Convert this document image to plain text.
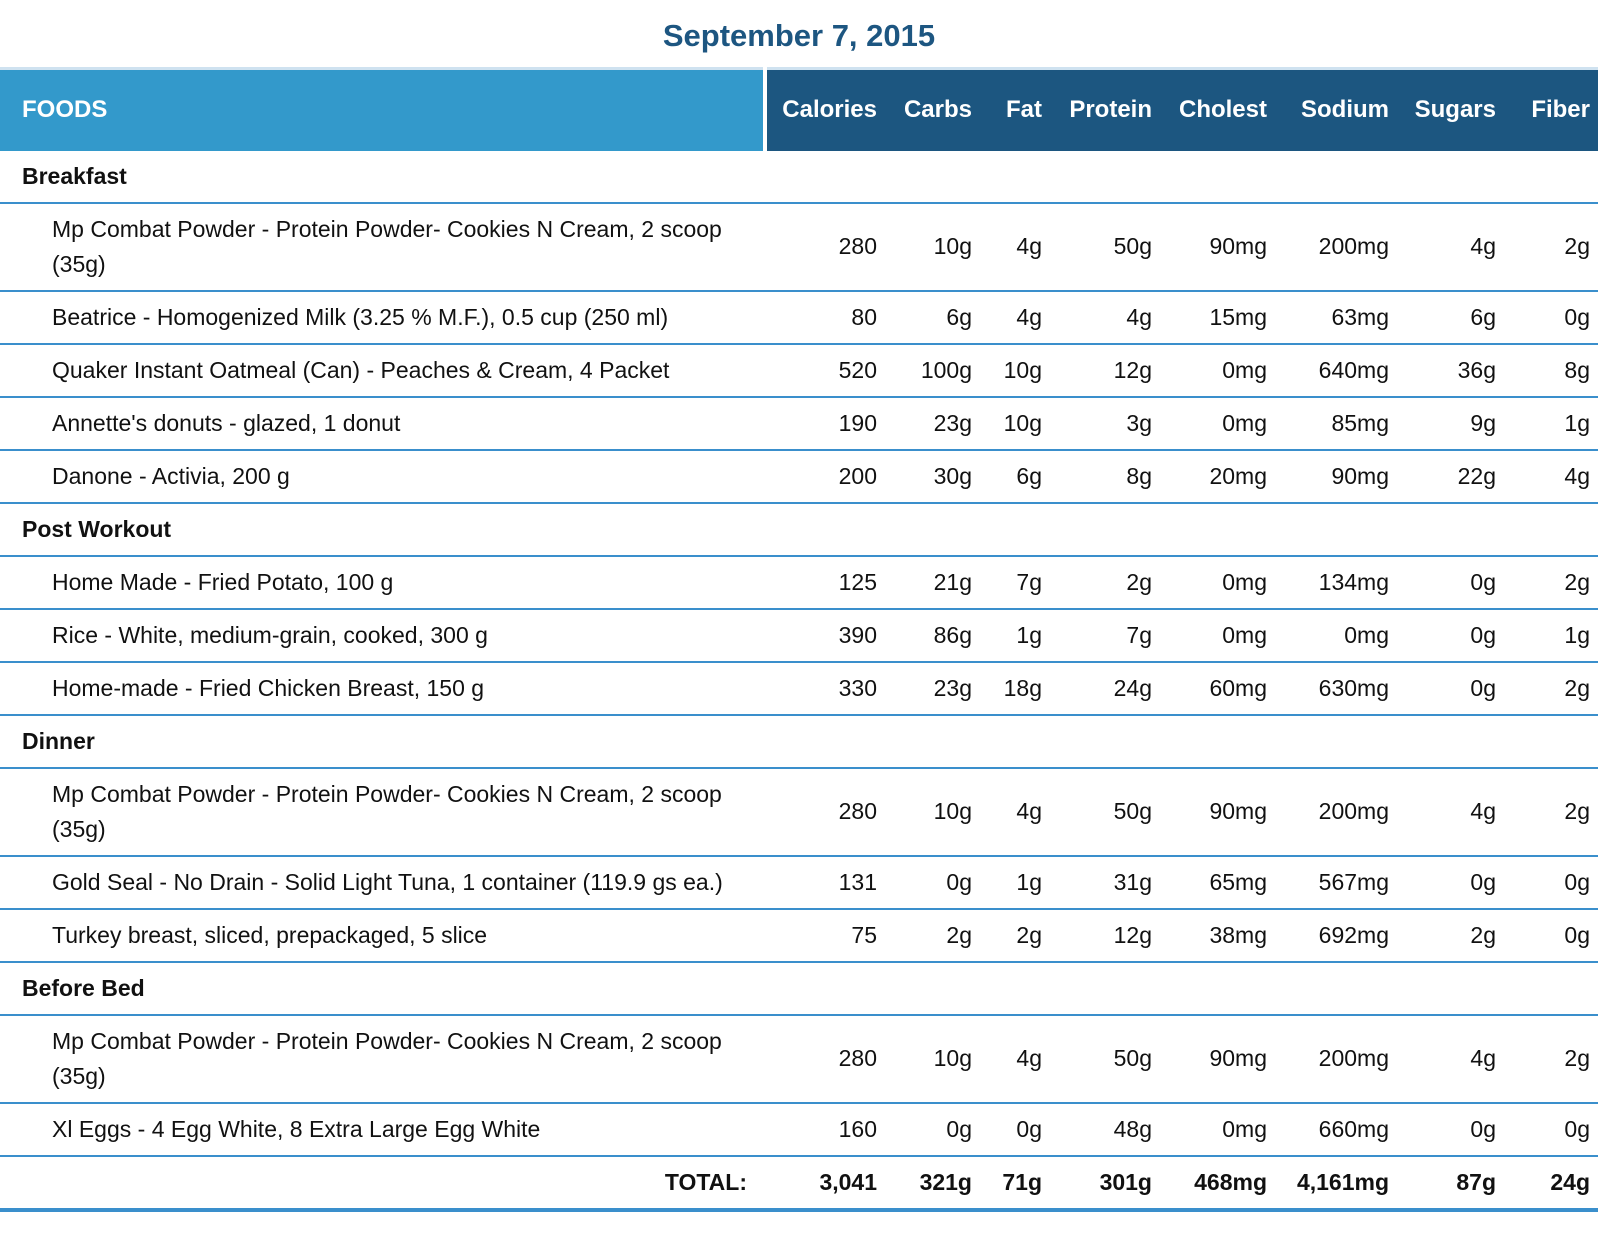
September 7, 2015
FOODS	Calories	Carbs	Fat	Protein	Cholest	Sodium	Sugars	Fiber
Breakfast								
Mp Combat Powder - Protein Powder- Cookies N Cream, 2 scoop (35g)	280	10g	4g	50g	90mg	200mg	4g	2g
Beatrice - Homogenized Milk (3.25 % M.F.), 0.5 cup (250 ml)	80	6g	4g	4g	15mg	63mg	6g	0g
Quaker Instant Oatmeal (Can) - Peaches & Cream, 4 Packet	520	100g	10g	12g	0mg	640mg	36g	8g
Annette's donuts - glazed, 1 donut	190	23g	10g	3g	0mg	85mg	9g	1g
Danone - Activia, 200 g	200	30g	6g	8g	20mg	90mg	22g	4g
Post Workout								
Home Made - Fried Potato, 100 g	125	21g	7g	2g	0mg	134mg	0g	2g
Rice - White, medium-grain, cooked, 300 g	390	86g	1g	7g	0mg	0mg	0g	1g
Home-made - Fried Chicken Breast, 150 g	330	23g	18g	24g	60mg	630mg	0g	2g
Dinner								
Mp Combat Powder - Protein Powder- Cookies N Cream, 2 scoop (35g)	280	10g	4g	50g	90mg	200mg	4g	2g
Gold Seal - No Drain - Solid Light Tuna, 1 container (119.9 gs ea.)	131	0g	1g	31g	65mg	567mg	0g	0g
Turkey breast, sliced, prepackaged, 5 slice	75	2g	2g	12g	38mg	692mg	2g	0g
Before Bed								
Mp Combat Powder - Protein Powder- Cookies N Cream, 2 scoop (35g)	280	10g	4g	50g	90mg	200mg	4g	2g
Xl Eggs - 4 Egg White, 8 Extra Large Egg White	160	0g	0g	48g	0mg	660mg	0g	0g
TOTAL:	3,041	321g	71g	301g	468mg	4,161mg	87g	24g
